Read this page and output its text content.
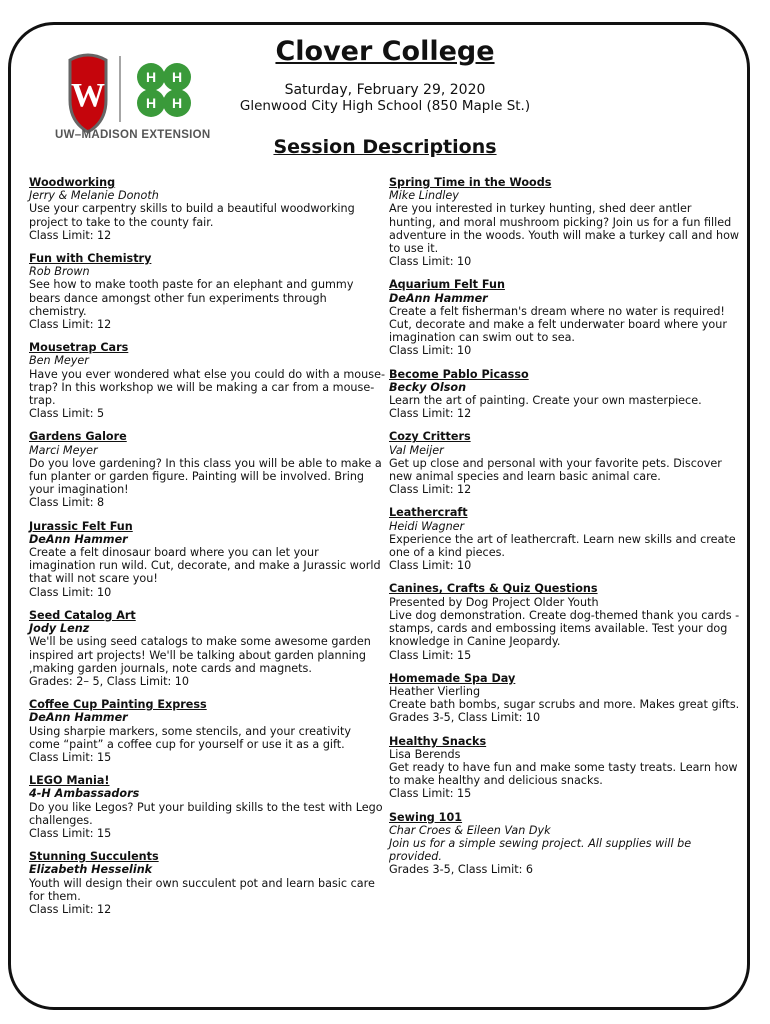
W	H H
H H
UW–MADISON EXTENSION
Clover College
Saturday, February 29, 2020
Glenwood City High School (850 Maple St.)
Session Descriptions

Woodworking

Jerry & Melanie Donoth

Use your carpentry skills to build a beautiful woodworking project to take to the county fair.

Class Limit: 12

Fun with Chemistry

Rob Brown

See how to make tooth paste for an elephant and gummy bears dance amongst other fun experiments through chemistry.

Class Limit: 12

Mousetrap Cars

Ben Meyer

Have you ever wondered what else you could do with a mouse-trap? In this workshop we will be making a car from a mouse-trap.

Class Limit: 5

Gardens Galore

Marci Meyer

Do you love gardening? In this class you will be able to make a fun planter or garden figure. Painting will be involved. Bring your imagination!

Class Limit: 8

Jurassic Felt Fun

DeAnn Hammer

Create a felt dinosaur board where you can let your imagination run wild. Cut, decorate, and make a Jurassic world that will not scare you!

Class Limit: 10

Seed Catalog Art

Jody Lenz

We'll be using seed catalogs to make some awesome garden inspired art projects! We'll be talking about garden planning ,making garden journals, note cards and magnets.

Grades: 2– 5, Class Limit: 10

Coffee Cup Painting Express

DeAnn Hammer

Using sharpie markers, some stencils, and your creativity come “paint” a coffee cup for yourself or use it as a gift.

Class Limit: 15

LEGO Mania!

4-H Ambassadors

Do you like Legos? Put your building skills to the test with Lego challenges.

Class Limit: 15

Stunning Succulents

Elizabeth Hesselink

Youth will design their own succulent pot and learn basic care for them.

Class Limit: 12

Spring Time in the Woods

Mike Lindley

Are you interested in turkey hunting, shed deer antler hunting, and moral mushroom picking? Join us for a fun filled adventure in the woods. Youth will make a turkey call and how to use it.

Class Limit: 10

Aquarium Felt Fun

DeAnn Hammer

Create a felt fisherman's dream where no water is required! Cut, decorate and make a felt underwater board where your imagination can swim out to sea.

Class Limit: 10

Become Pablo Picasso

Becky Olson

Learn the art of painting. Create your own masterpiece.

Class Limit: 12

Cozy Critters

Val Meijer

Get up close and personal with your favorite pets. Discover new animal species and learn basic animal care.

Class Limit: 12

Leathercraft

Heidi Wagner

Experience the art of leathercraft. Learn new skills and create one of a kind pieces.

Class Limit: 10

Canines, Crafts & Quiz Questions

Presented by Dog Project Older Youth

Live dog demonstration. Create dog-themed thank you cards - stamps, cards and embossing items available. Test your dog knowledge in Canine Jeopardy.

Class Limit: 15

Homemade Spa Day

Heather Vierling

Create bath bombs, sugar scrubs and more. Makes great gifts.

Grades 3-5, Class Limit: 10

Healthy Snacks

Lisa Berends

Get ready to have fun and make some tasty treats. Learn how to make healthy and delicious snacks.

Class Limit: 15

Sewing 101

Char Croes & Eileen Van Dyk

Join us for a simple sewing project. All supplies will be provided.

Grades 3-5, Class Limit: 6
